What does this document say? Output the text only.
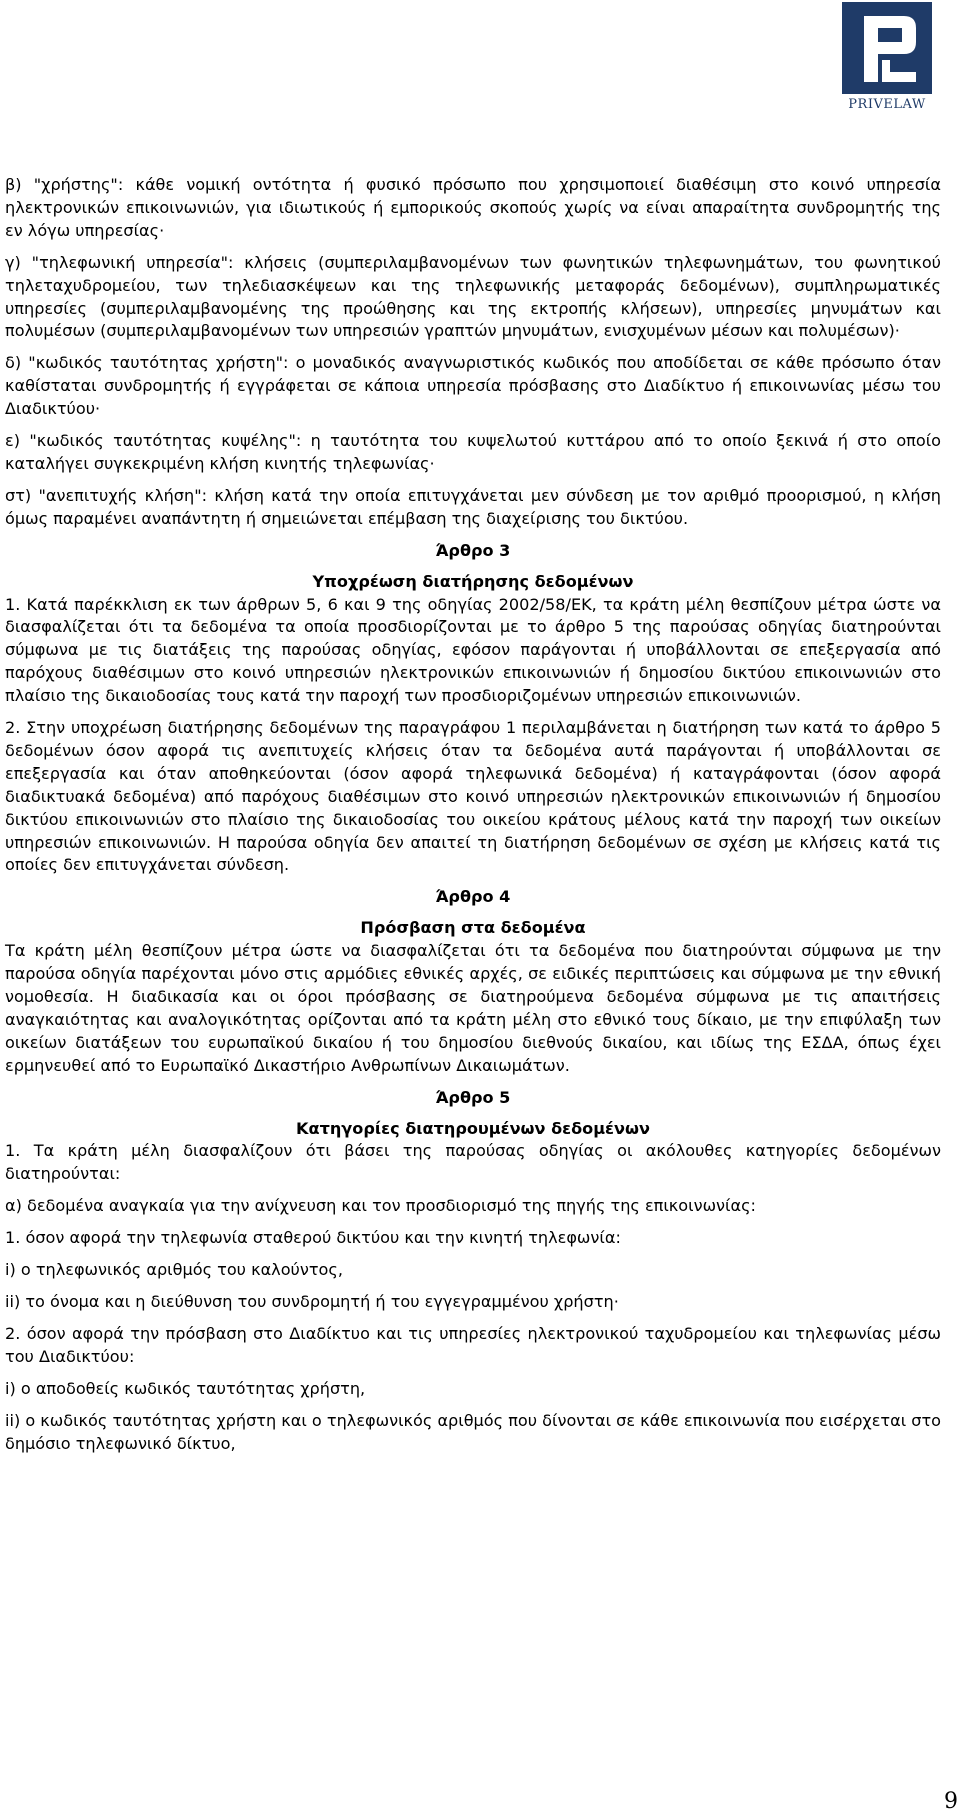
PRIVELAW

β) "χρήστης": κάθε νομική οντότητα ή φυσικό πρόσωπο που χρησιμοποιεί διαθέσιμη στο κοινό υπηρεσία ηλεκτρονικών επικοινωνιών, για ιδιωτικούς ή εμπορικούς σκοπούς χωρίς να είναι απαραίτητα συνδρομητής της εν λόγω υπηρεσίας·

γ) "τηλεφωνική υπηρεσία": κλήσεις (συμπεριλαμβανομένων των φωνητικών τηλεφωνημάτων, του φωνητικού τηλεταχυδρομείου, των τηλεδιασκέψεων και της τηλεφωνικής μεταφοράς δεδομένων), συμπληρωματικές υπηρεσίες (συμπεριλαμβανομένης της προώθησης και της εκτροπής κλήσεων), υπηρεσίες μηνυμάτων και πολυμέσων (συμπεριλαμβανομένων των υπηρεσιών γραπτών μηνυμάτων, ενισχυμένων μέσων και πολυμέσων)·

δ) "κωδικός ταυτότητας χρήστη": ο μοναδικός αναγνωριστικός κωδικός που αποδίδεται σε κάθε πρόσωπο όταν καθίσταται συνδρομητής ή εγγράφεται σε κάποια υπηρεσία πρόσβασης στο Διαδίκτυο ή επικοινωνίας μέσω του Διαδικτύου·

ε) "κωδικός ταυτότητας κυψέλης": η ταυτότητα του κυψελωτού κυττάρου από το οποίο ξεκινά ή στο οποίο καταλήγει συγκεκριμένη κλήση κινητής τηλεφωνίας·

στ) "ανεπιτυχής κλήση": κλήση κατά την οποία επιτυγχάνεται μεν σύνδεση με τον αριθμό προορισμού, η κλήση όμως παραμένει αναπάντητη ή σημειώνεται επέμβαση της διαχείρισης του δικτύου.

Άρθρο 3
Υποχρέωση διατήρησης δεδομένων

1. Κατά παρέκκλιση εκ των άρθρων 5, 6 και 9 της οδηγίας 2002/58/ΕΚ, τα κράτη μέλη θεσπίζουν μέτρα ώστε να διασφαλίζεται ότι τα δεδομένα τα οποία προσδιορίζονται με το άρθρο 5 της παρούσας οδηγίας διατηρούνται σύμφωνα με τις διατάξεις της παρούσας οδηγίας, εφόσον παράγονται ή υποβάλλονται σε επεξεργασία από παρόχους διαθέσιμων στο κοινό υπηρεσιών ηλεκτρονικών επικοινωνιών ή δημοσίου δικτύου επικοινωνιών στο πλαίσιο της δικαιοδοσίας τους κατά την παροχή των προσδιοριζομένων υπηρεσιών επικοινωνιών.

2. Στην υποχρέωση διατήρησης δεδομένων της παραγράφου 1 περιλαμβάνεται η διατήρηση των κατά το άρθρο 5 δεδομένων όσον αφορά τις ανεπιτυχείς κλήσεις όταν τα δεδομένα αυτά παράγονται ή υποβάλλονται σε επεξεργασία και όταν αποθηκεύονται (όσον αφορά τηλεφωνικά δεδομένα) ή καταγράφονται (όσον αφορά διαδικτυακά δεδομένα) από παρόχους διαθέσιμων στο κοινό υπηρεσιών ηλεκτρονικών επικοινωνιών ή δημοσίου δικτύου επικοινωνιών στο πλαίσιο της δικαιοδοσίας του οικείου κράτους μέλους κατά την παροχή των οικείων υπηρεσιών επικοινωνιών. Η παρούσα οδηγία δεν απαιτεί τη διατήρηση δεδομένων σε σχέση με κλήσεις κατά τις οποίες δεν επιτυγχάνεται σύνδεση.

Άρθρο 4
Πρόσβαση στα δεδομένα

Τα κράτη μέλη θεσπίζουν μέτρα ώστε να διασφαλίζεται ότι τα δεδομένα που διατηρούνται σύμφωνα με την παρούσα οδηγία παρέχονται μόνο στις αρμόδιες εθνικές αρχές, σε ειδικές περιπτώσεις και σύμφωνα με την εθνική νομοθεσία. Η διαδικασία και οι όροι πρόσβασης σε διατηρούμενα δεδομένα σύμφωνα με τις απαιτήσεις αναγκαιότητας και αναλογικότητας ορίζονται από τα κράτη μέλη στο εθνικό τους δίκαιο, με την επιφύλαξη των οικείων διατάξεων του ευρωπαϊκού δικαίου ή του δημοσίου διεθνούς δικαίου, και ιδίως της ΕΣΔΑ, όπως έχει ερμηνευθεί από το Ευρωπαϊκό Δικαστήριο Ανθρωπίνων Δικαιωμάτων.

Άρθρο 5
Κατηγορίες διατηρουμένων δεδομένων

1. Τα κράτη μέλη διασφαλίζουν ότι βάσει της παρούσας οδηγίας οι ακόλουθες κατηγορίες δεδομένων διατηρούνται:

α) δεδομένα αναγκαία για την ανίχνευση και τον προσδιορισμό της πηγής της επικοινωνίας:

1. όσον αφορά την τηλεφωνία σταθερού δικτύου και την κινητή τηλεφωνία:

i) ο τηλεφωνικός αριθμός του καλούντος,

ii) το όνομα και η διεύθυνση του συνδρομητή ή του εγγεγραμμένου χρήστη·

2. όσον αφορά την πρόσβαση στο Διαδίκτυο και τις υπηρεσίες ηλεκτρονικού ταχυδρομείου και τηλεφωνίας μέσω του Διαδικτύου:

i) ο αποδοθείς κωδικός ταυτότητας χρήστη,

ii) ο κωδικός ταυτότητας χρήστη και ο τηλεφωνικός αριθμός που δίνονται σε κάθε επικοινωνία που εισέρχεται στο δημόσιο τηλεφωνικό δίκτυο,

9
